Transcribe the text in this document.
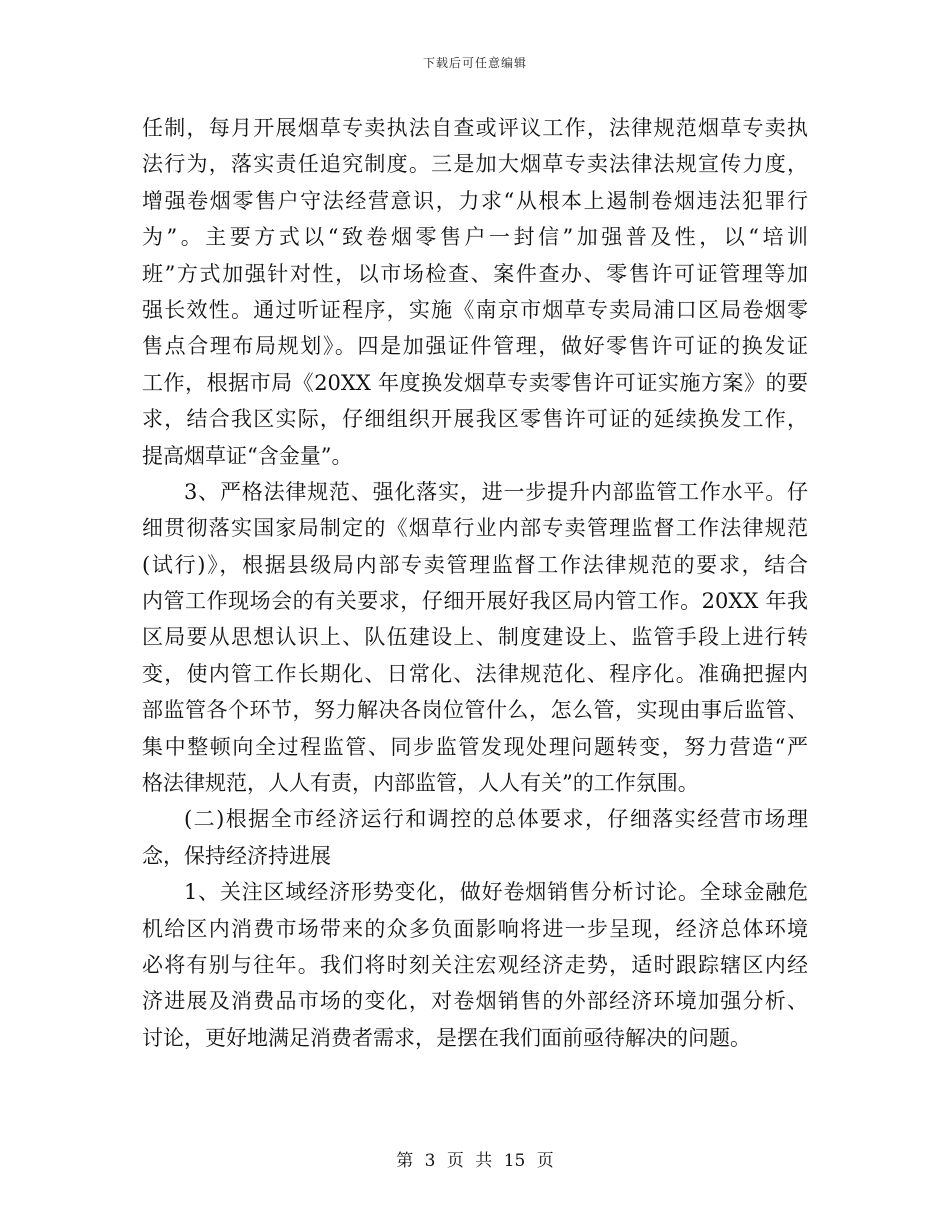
下载后可任意编辑
任制，每月开展烟草专卖执法自查或评议工作，法律规范烟草专卖执
法行为，落实责任追究制度。三是加大烟草专卖法律法规宣传力度，
增强卷烟零售户守法经营意识，力求“从根本上遏制卷烟违法犯罪行
为”。主要方式以“致卷烟零售户一封信”加强普及性，以“培训
班”方式加强针对性，以市场检查、案件查办、零售许可证管理等加
强长效性。通过听证程序，实施《南京市烟草专卖局浦口区局卷烟零
售点合理布局规划》。四是加强证件管理，做好零售许可证的换发证
工作，根据市局《20XX 年度换发烟草专卖零售许可证实施方案》的要
求，结合我区实际，仔细组织开展我区零售许可证的延续换发工作，
提高烟草证“含金量”。
3、严格法律规范、强化落实，进一步提升内部监管工作水平。仔
细贯彻落实国家局制定的《烟草行业内部专卖管理监督工作法律规范
(试行)》，根据县级局内部专卖管理监督工作法律规范的要求，结合
内管工作现场会的有关要求，仔细开展好我区局内管工作。20XX 年我
区局要从思想认识上、队伍建设上、制度建设上、监管手段上进行转
变，使内管工作长期化、日常化、法律规范化、程序化。准确把握内
部监管各个环节，努力解决各岗位管什么，怎么管，实现由事后监管、
集中整顿向全过程监管、同步监管发现处理问题转变，努力营造“严
格法律规范，人人有责，内部监管，人人有关”的工作氛围。
(二)根据全市经济运行和调控的总体要求，仔细落实经营市场理
念，保持经济持进展
1、关注区域经济形势变化，做好卷烟销售分析讨论。全球金融危
机给区内消费市场带来的众多负面影响将进一步呈现，经济总体环境
必将有别与往年。我们将时刻关注宏观经济走势，适时跟踪辖区内经
济进展及消费品市场的变化，对卷烟销售的外部经济环境加强分析、
讨论，更好地满足消费者需求，是摆在我们面前亟待解决的问题。
第 3 页 共 15 页
